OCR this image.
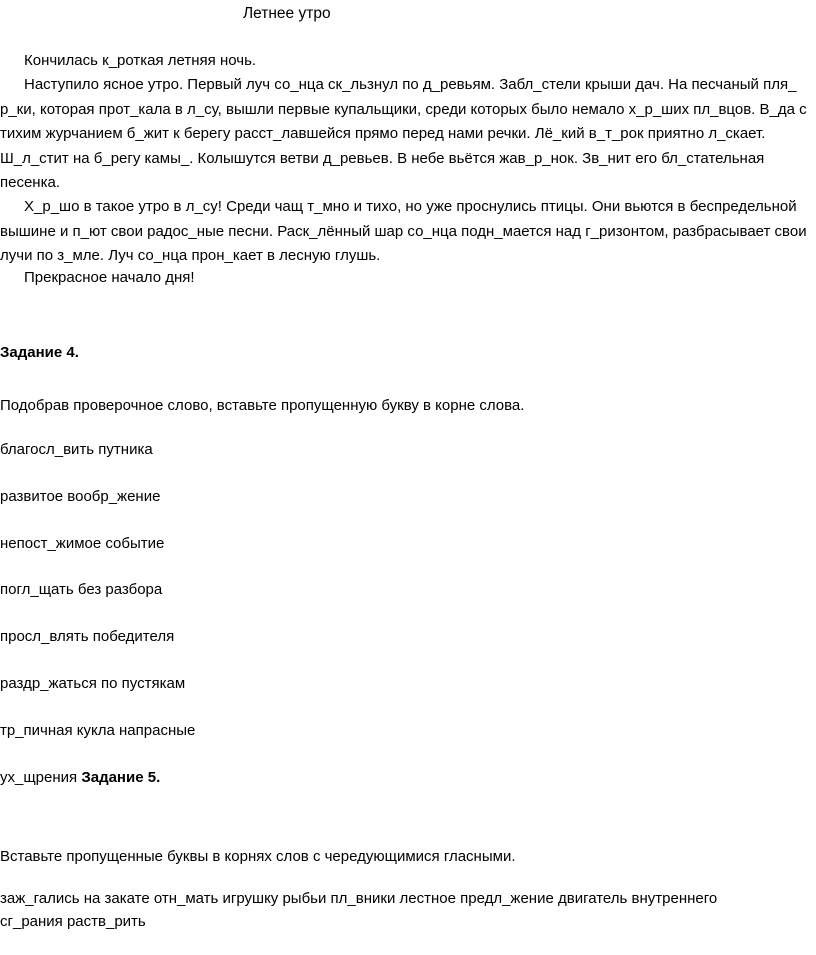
Летнее утро
Кончилась к_роткая летняя ночь.
Наступило ясное утро. Первый луч со_нца ск_льзнул по д_ревьям. Забл_стели крыши дач. На песчаный пля_ р_ки, которая прот_кала в л_су, вышли первые купальщики, среди которых было немало х_р_ших пл_вцов. В_да с тихим журчанием б_жит к берегу расст_лавшейся прямо перед нами речки. Лё_кий в_т_рок приятно л_скает. Ш_л_стит на б_регу камы_. Колышутся ветви д_ревьев. В небе вьётся жав_р_нок. Зв_нит его бл_стательная песенка.
Х_р_шо в такое утро в л_су! Среди чащ т_мно и тихо, но уже проснулись птицы. Они вьются в беспредельной вышине и п_ют свои радос_ные песни. Раск_лённый шар со_нца подн_мается над г_ризонтом, разбрасывает свои лучи по з_мле. Луч со_нца прон_кает в лесную глушь.
Прекрасное начало дня!
Задание 4.
Подобрав проверочное слово, вставьте пропущенную букву в корне слова.
благосл_вить путника
развитое вообр_жение
непост_жимое событие
погл_щать без разбора
просл_влять победителя
раздр_жаться по пустякам
тр_пичная кукла напрасные
ух_щрения Задание 5.
Вставьте пропущенные буквы в корнях слов с чередующимися гласными.
заж_гались на закате отн_мать игрушку рыбьи пл_вники лестное предл_жение двигатель внутреннего
сг_рания раств_рить
